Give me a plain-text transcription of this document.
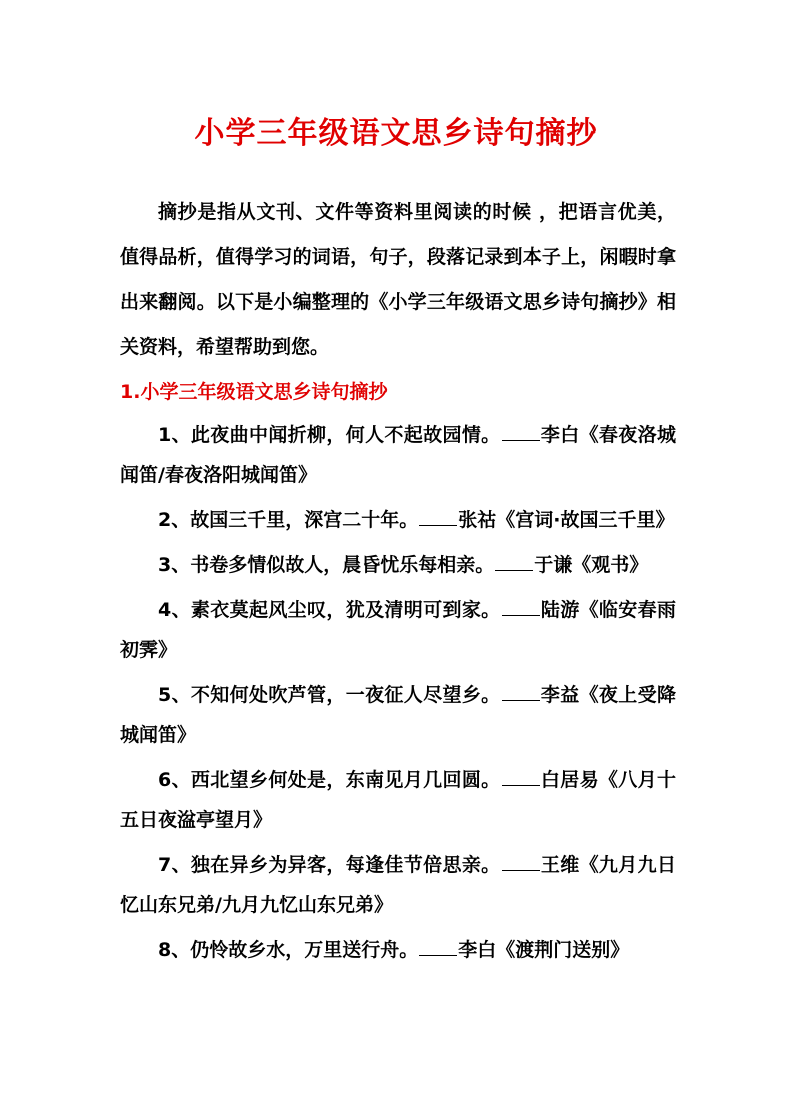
小学三年级语文思乡诗句摘抄

摘抄是指从文刊、文件等资料里阅读的时候 ，把语言优美，值得品析，值得学习的词语，句子，段落记录到本子上，闲暇时拿出来翻阅。以下是小编整理的《小学三年级语文思乡诗句摘抄》相关资料，希望帮助到您。

1.小学三年级语文思乡诗句摘抄

1、此夜曲中闻折柳，何人不起故园情。 李白《春夜洛城闻笛/春夜洛阳城闻笛》

2、故国三千里，深宫二十年。 张祜《宫词·故国三千里》

3、书卷多情似故人，晨昏忧乐每相亲。 于谦《观书》

4、素衣莫起风尘叹，犹及清明可到家。 陆游《临安春雨初霁》

5、不知何处吹芦管，一夜征人尽望乡。 李益《夜上受降城闻笛》

6、西北望乡何处是，东南见月几回圆。 白居易《八月十五日夜湓亭望月》

7、独在异乡为异客，每逢佳节倍思亲。 王维《九月九日忆山东兄弟/九月九忆山东兄弟》

8、仍怜故乡水，万里送行舟。 李白《渡荆门送别》
